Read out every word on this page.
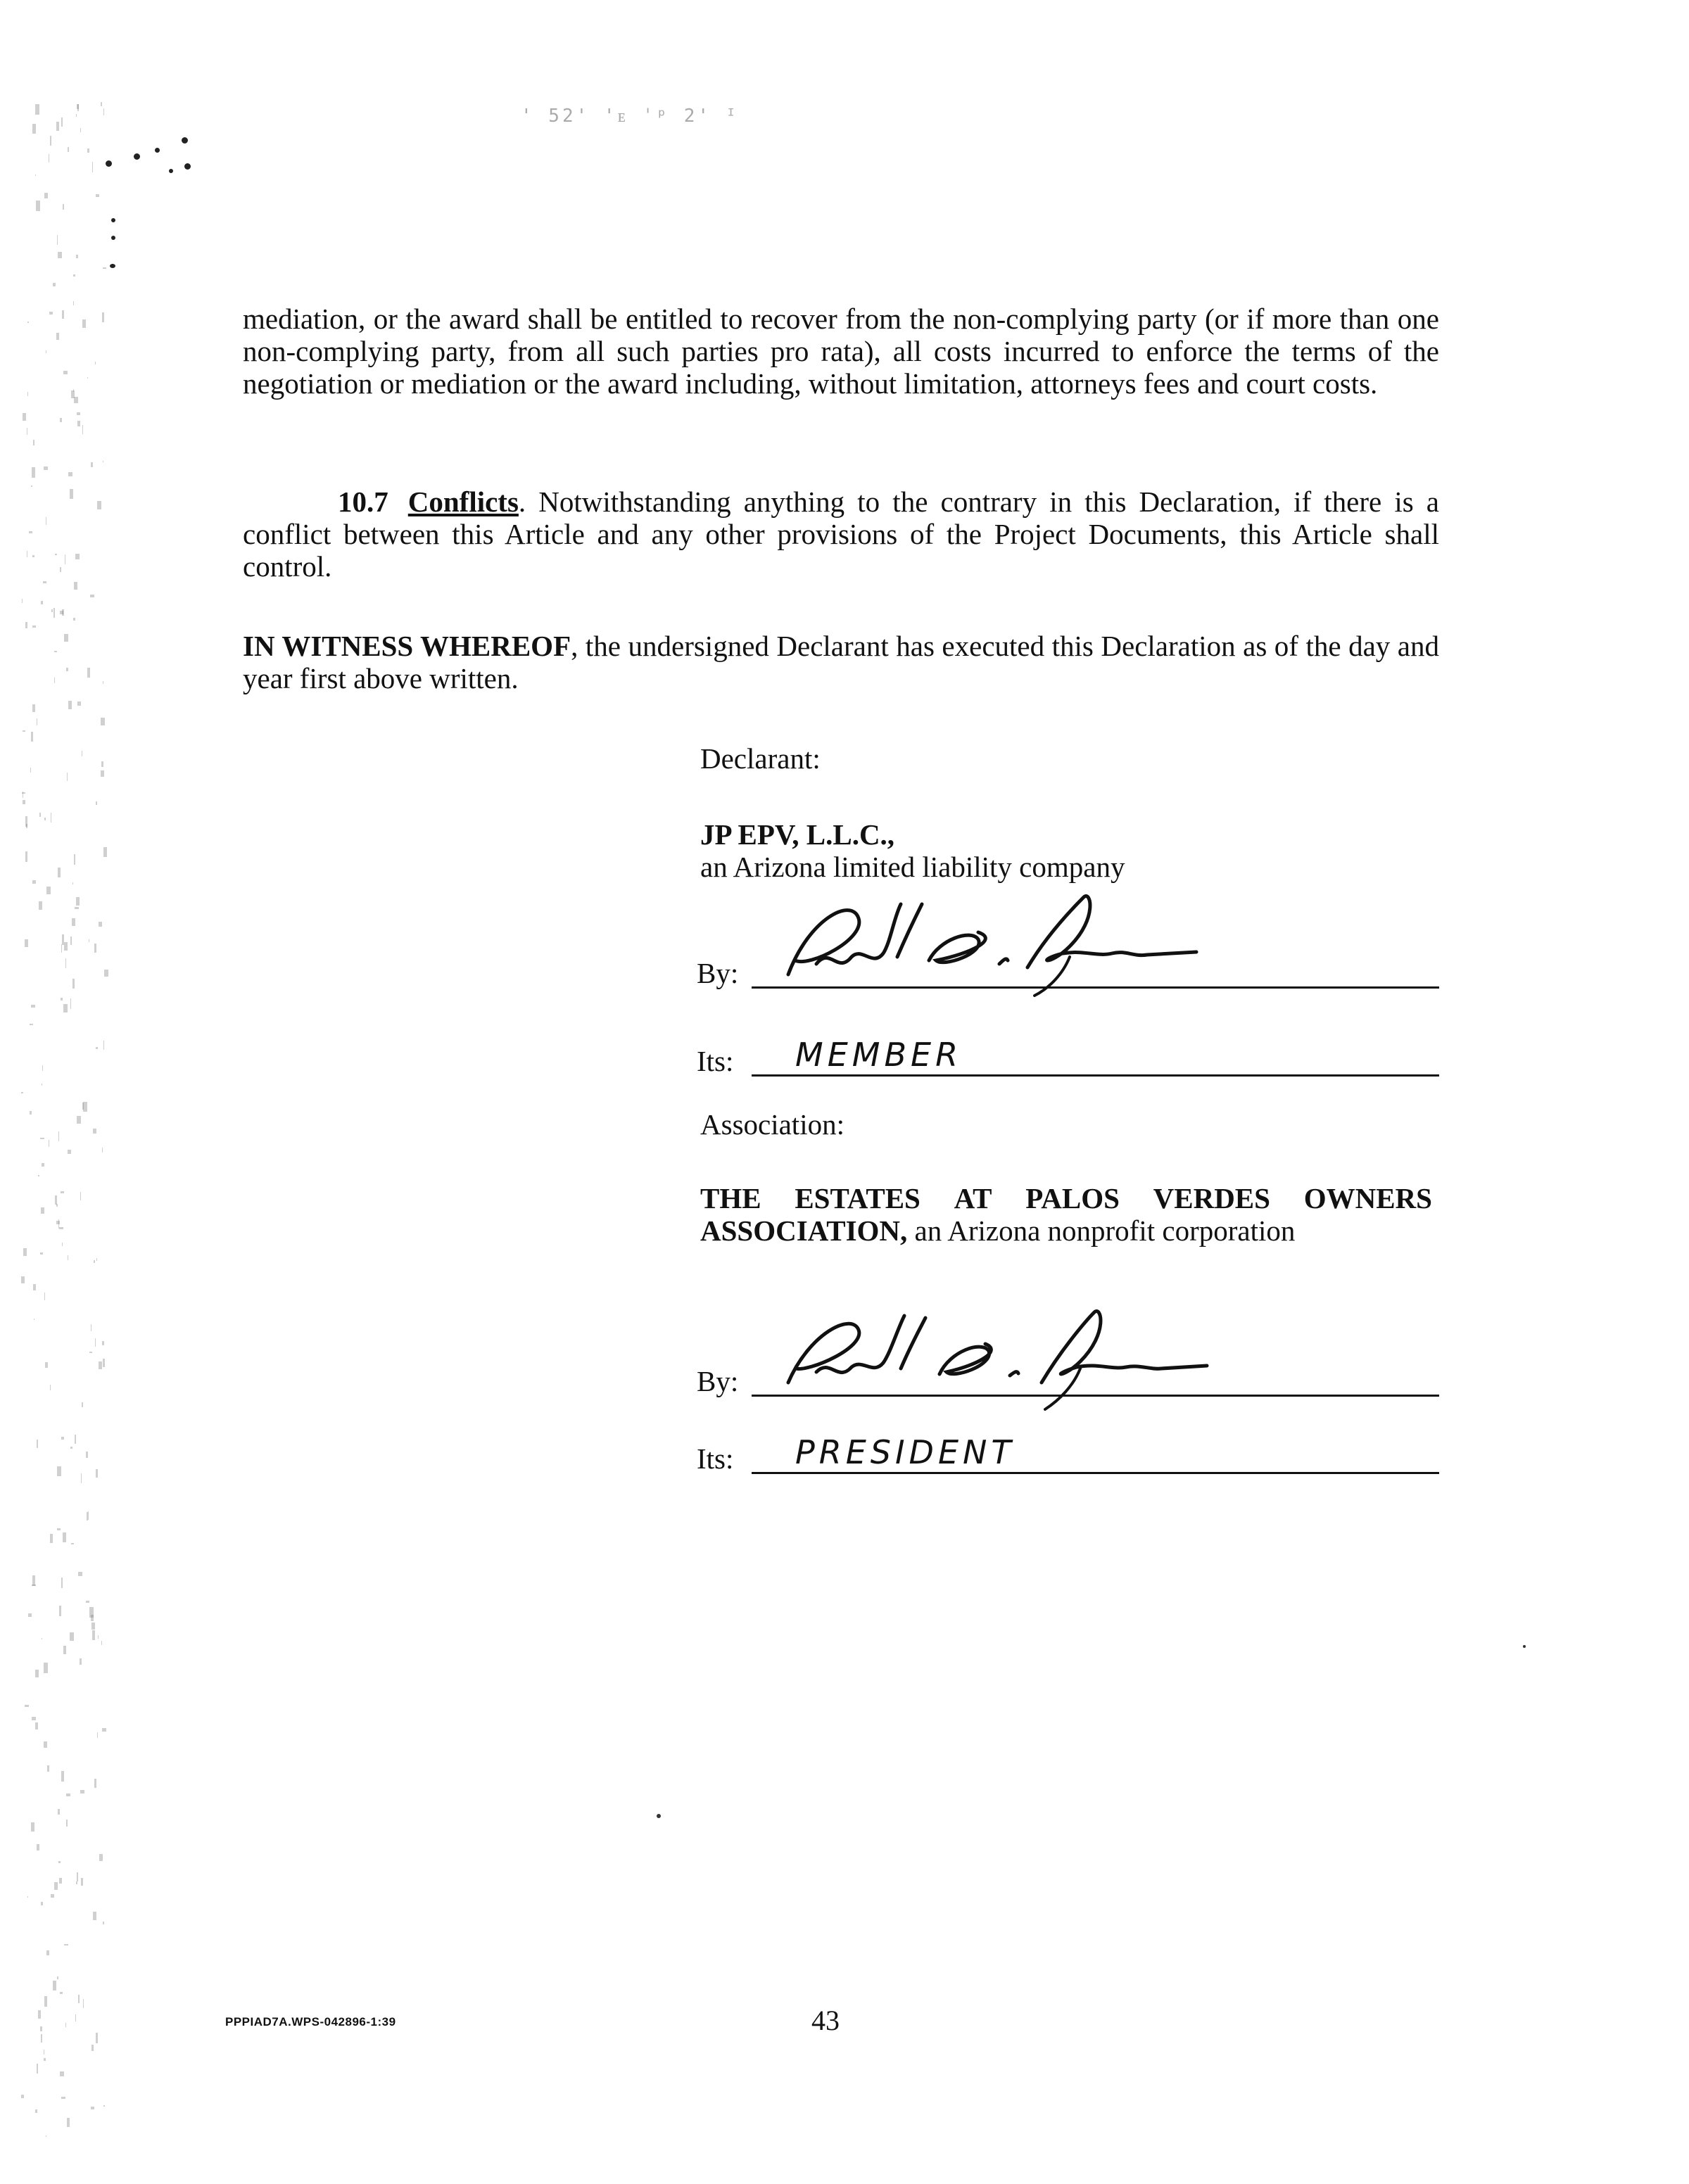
' 52' 'ᴇ ˈᵖ 2' ᴵ
mediation, or the award shall be entitled to recover from the non-complying party (or if more than one non-complying party, from all such parties pro rata), all costs incurred to enforce the terms of the negotiation or mediation or the award including, without limitation, attorneys fees and court costs.
10.7 Conflicts. Notwithstanding anything to the contrary in this Declaration, if there is a conflict between this Article and any other provisions of the Project Documents, this Article shall control.
IN WITNESS WHEREOF, the undersigned Declarant has executed this Declaration as of the day and year first above written.
Declarant:
JP EPV, L.L.C.,
an Arizona limited liability company
By:
Its: MEMBER
Association:
THE ESTATES AT PALOS VERDES OWNERS
ASSOCIATION, an Arizona nonprofit corporation
By:
Its: PRESIDENT
PPPIAD7A.WPS-042896-1:39	43
